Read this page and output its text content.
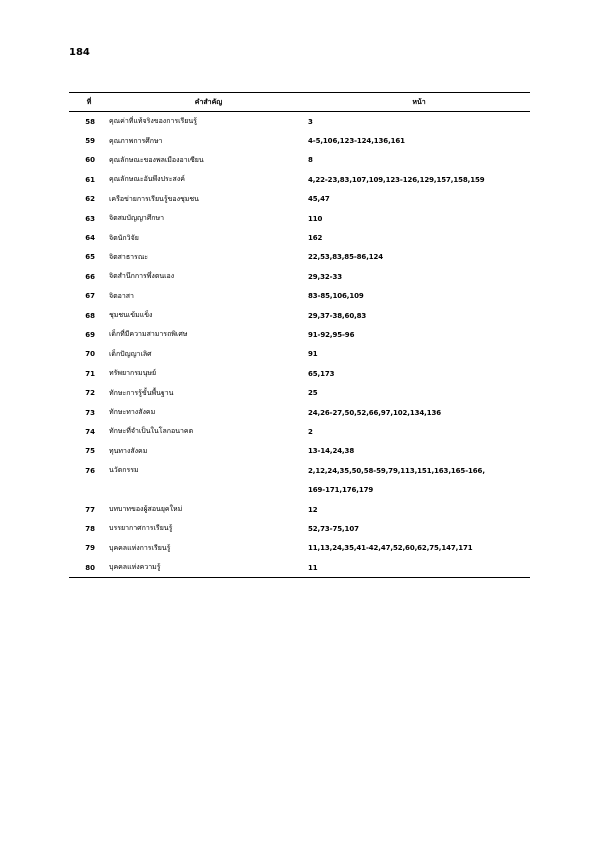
184
ที่	คำสำคัญ	หน้า
58	คุณค่าที่แท้จริงของการเรียนรู้	3
59	คุณภาพการศึกษา	4-5,106,123-124,136,161
60	คุณลักษณะของพลเมืองอาเซียน	8
61	คุณลักษณะอันพึงประสงค์	4,22-23,83,107,109,123-126,129,157,158,159
62	เครือข่ายการเรียนรู้ของชุมชน	45,47
63	จิตสมบัญญาศึกษา	110
64	จิตนักวิจัย	162
65	จิตสาธารณะ	22,53,83,85-86,124
66	จิตสำนึกการพึ่งตนเอง	29,32-33
67	จิตอาสา	83-85,106,109
68	ชุมชนเข้มแข็ง	29,37-38,60,83
69	เด็กที่มีความสามารถพิเศษ	91-92,95-96
70	เด็กปัญญาเลิศ	91
71	ทรัพยากรมนุษย์	65,173
72	ทักษะการรู้ขั้นพื้นฐาน	25
73	ทักษะทางสังคม	24,26-27,50,52,66,97,102,134,136
74	ทักษะที่จำเป็นในโลกอนาคต	2
75	ทุนทางสังคม	13-14,24,38
76	นวัตกรรม	2,12,24,35,50,58-59,79,113,151,163,165-166,
		169-171,176,179
77	บทบาทของผู้สอนยุคใหม่	12
78	บรรยากาศการเรียนรู้	52,73-75,107
79	บุคคลแห่งการเรียนรู้	11,13,24,35,41-42,47,52,60,62,75,147,171
80	บุคคลแห่งความรู้	11
